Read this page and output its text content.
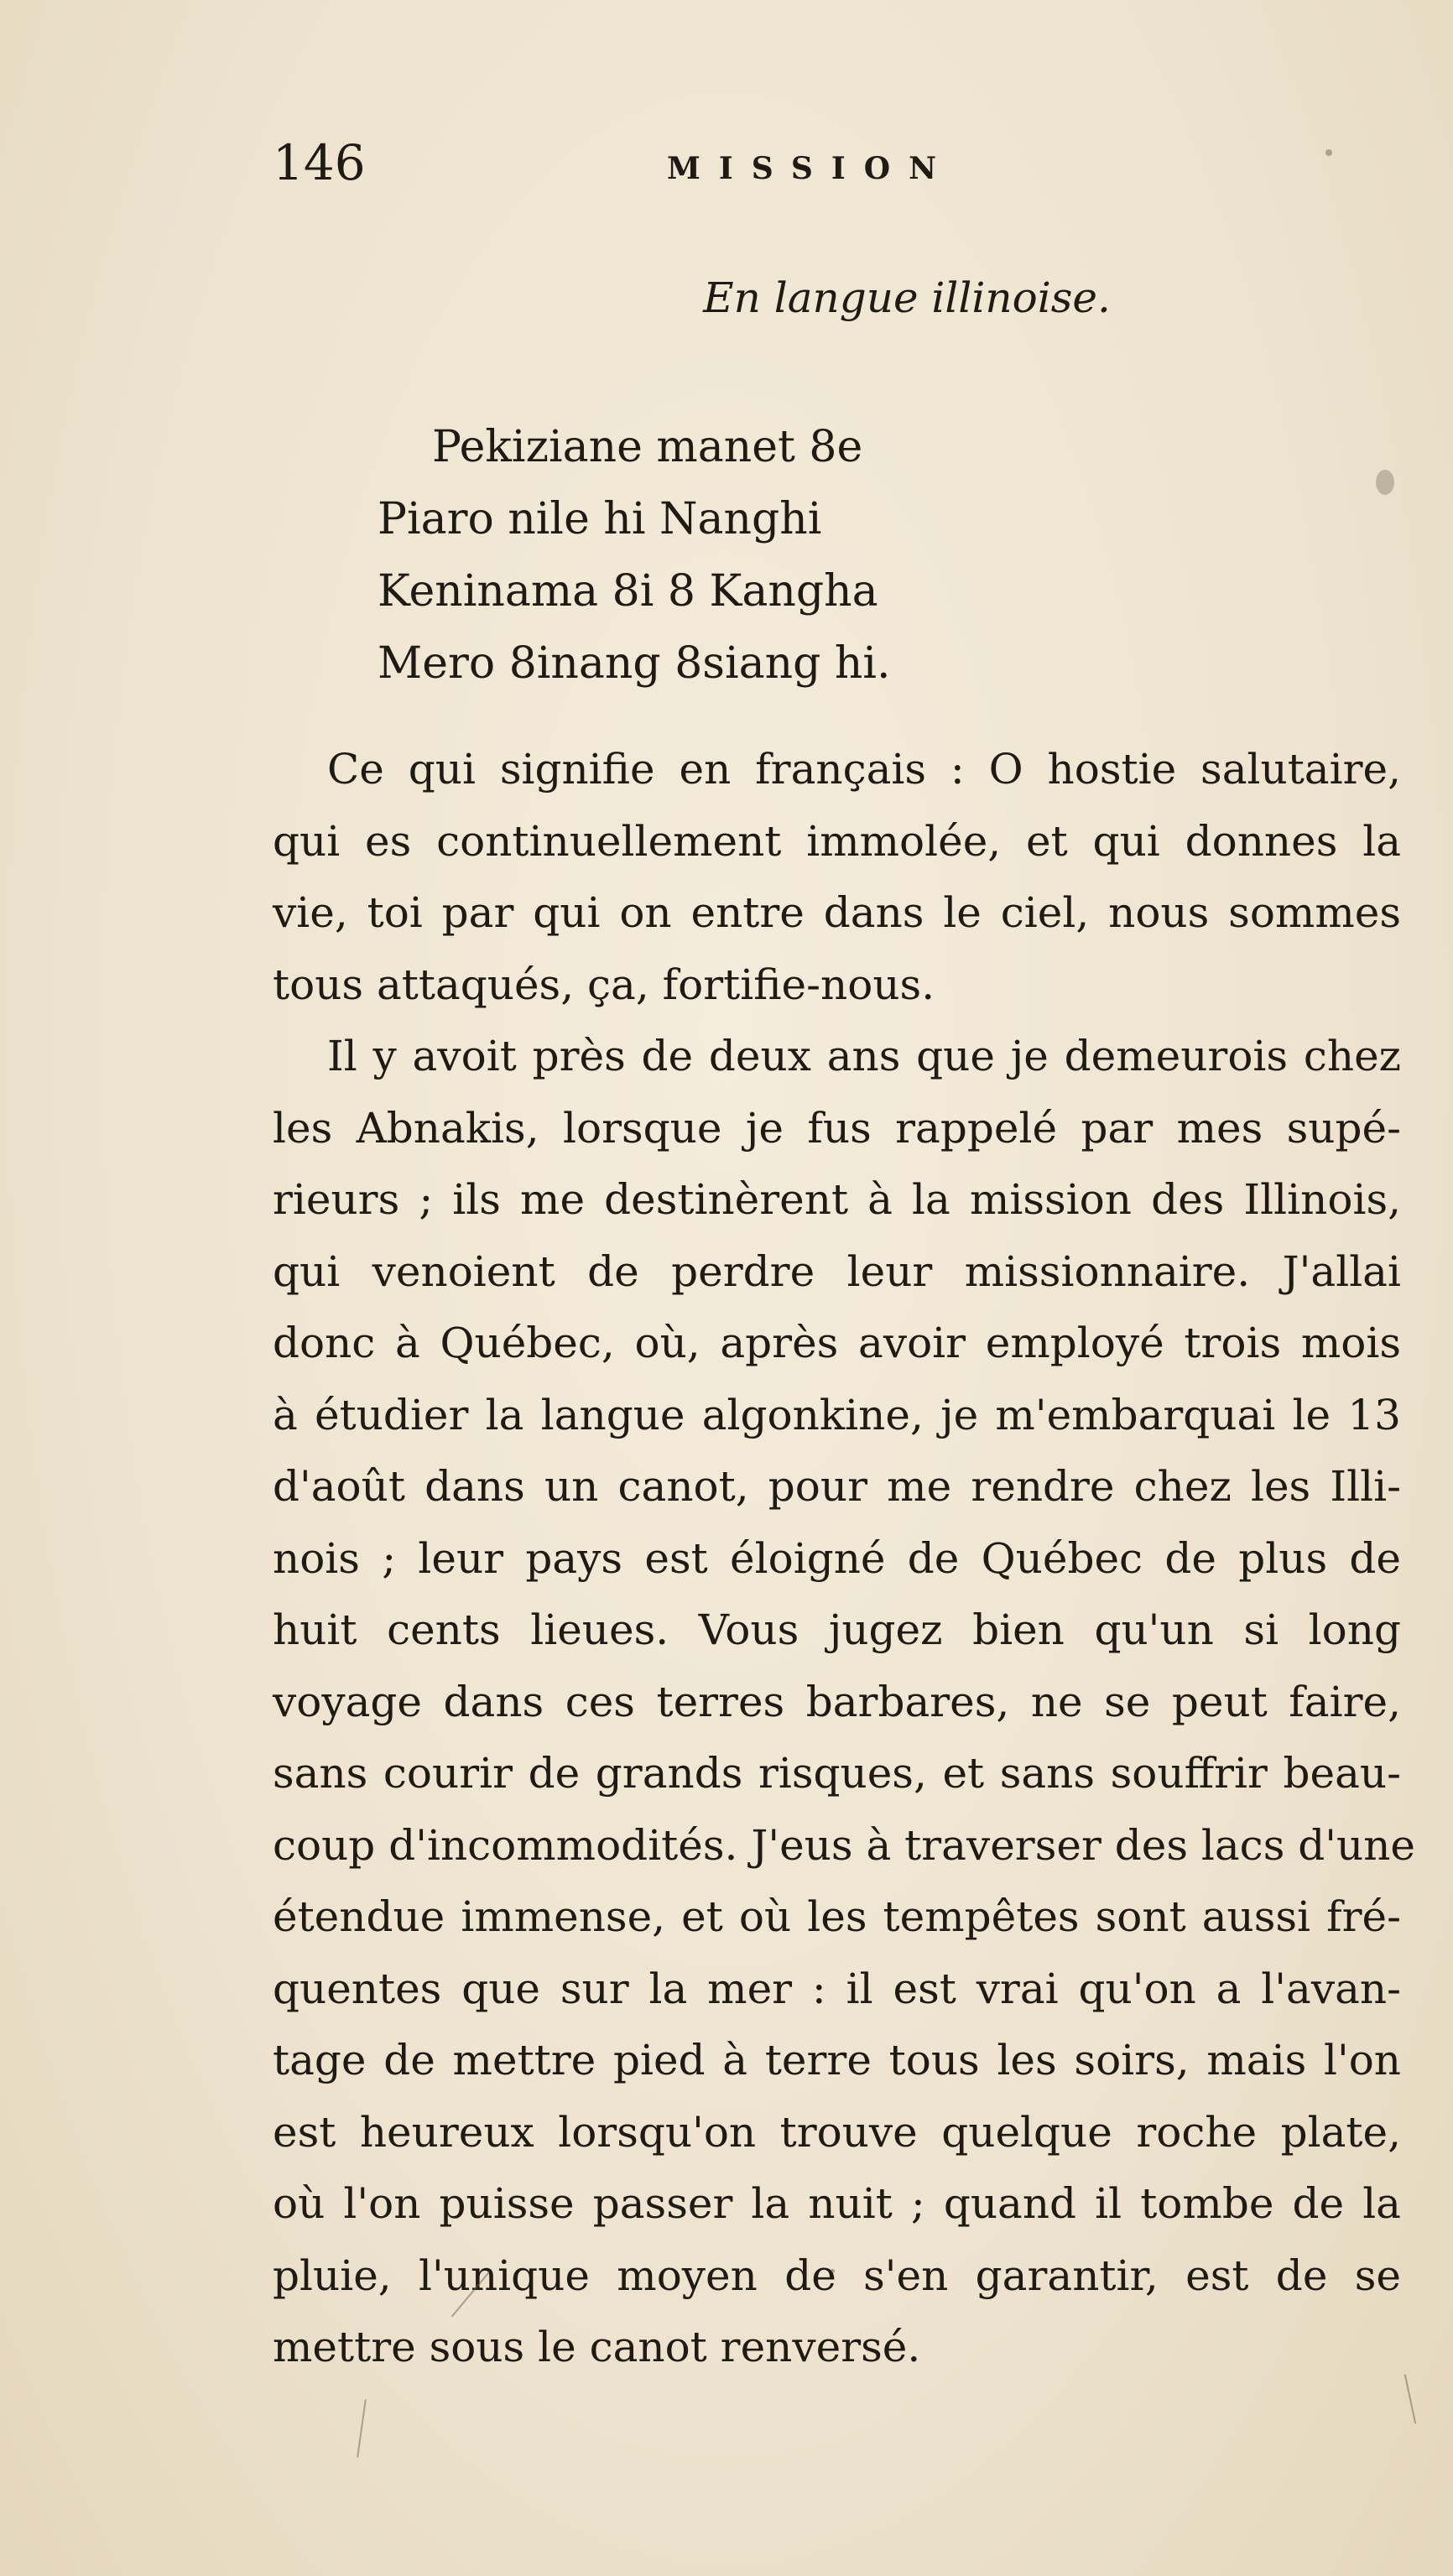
146	MISSION
En langue illinoise.
Pekiziane manet 8e
Piaro nile hi Nanghi
Keninama 8i 8 Kangha
Mero 8inang 8siang hi.

Ce qui signifie en français : O hostie salutaire,
qui es continuellement immolée, et qui donnes la
vie, toi par qui on entre dans le ciel, nous sommes
tous attaqués, ça, fortifie-nous.

Il y avoit près de deux ans que je demeurois chez
les Abnakis, lorsque je fus rappelé par mes supé-
rieurs ; ils me destinèrent à la mission des Illinois,
qui venoient de perdre leur missionnaire. J'allai
donc à Québec, où, après avoir employé trois mois
à étudier la langue algonkine, je m'embarquai le 13
d'août dans un canot, pour me rendre chez les Illi-
nois ; leur pays est éloigné de Québec de plus de
huit cents lieues. Vous jugez bien qu'un si long
voyage dans ces terres barbares, ne se peut faire,
sans courir de grands risques, et sans souffrir beau-
coup d'incommodités. J'eus à traverser des lacs d'une
étendue immense, et où les tempêtes sont aussi fré-
quentes que sur la mer : il est vrai qu'on a l'avan-
tage de mettre pied à terre tous les soirs, mais l'on
est heureux lorsqu'on trouve quelque roche plate,
où l'on puisse passer la nuit ; quand il tombe de la
pluie, l'unique moyen de s'en garantir, est de se
mettre sous le canot renversé.
